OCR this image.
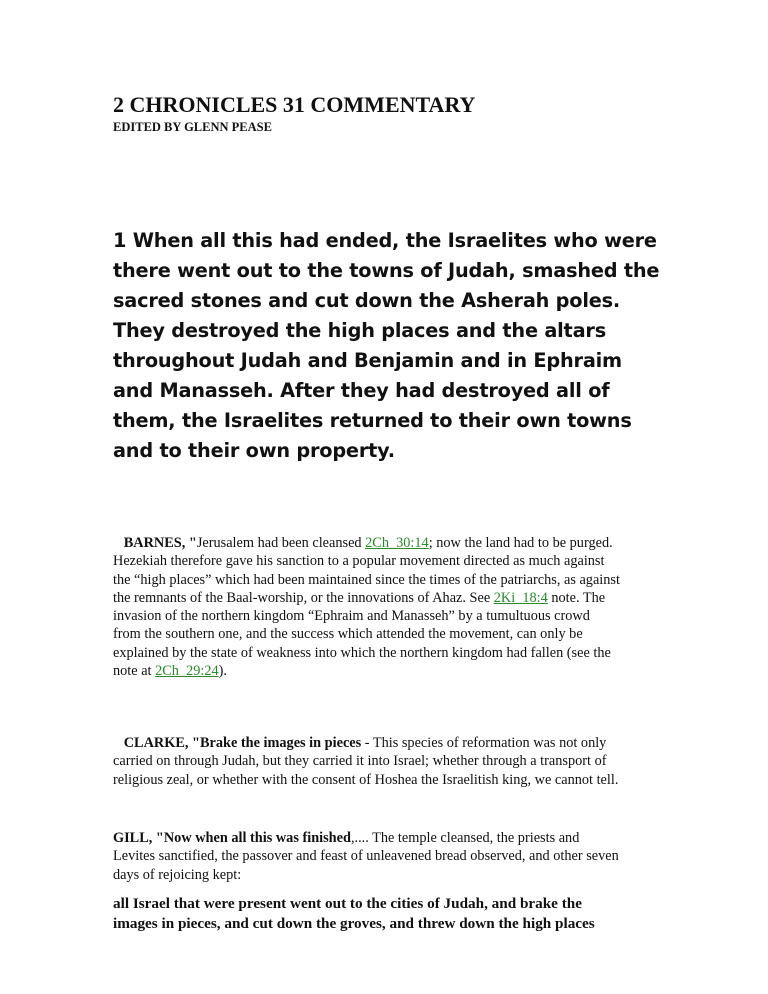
2 CHRONICLES 31 COMMENTARY
EDITED BY GLENN PEASE
1 When all this had ended, the Israelites who were
there went out to the towns of Judah, smashed the
sacred stones and cut down the Asherah poles.
They destroyed the high places and the altars
throughout Judah and Benjamin and in Ephraim
and Manasseh. After they had destroyed all of
them, the Israelites returned to their own towns
and to their own property.
BARNES, "Jerusalem had been cleansed 2Ch_30:14; now the land had to be purged.
Hezekiah therefore gave his sanction to a popular movement directed as much against
the “high places” which had been maintained since the times of the patriarchs, as against
the remnants of the Baal-worship, or the innovations of Ahaz. See 2Ki_18:4 note. The
invasion of the northern kingdom “Ephraim and Manasseh” by a tumultuous crowd
from the southern one, and the success which attended the movement, can only be
explained by the state of weakness into which the northern kingdom had fallen (see the
note at 2Ch_29:24).
CLARKE, "Brake the images in pieces - This species of reformation was not only
carried on through Judah, but they carried it into Israel; whether through a transport of
religious zeal, or whether with the consent of Hoshea the Israelitish king, we cannot tell.
GILL, "Now when all this was finished,.... The temple cleansed, the priests and
Levites sanctified, the passover and feast of unleavened bread observed, and other seven
days of rejoicing kept:
all Israel that were present went out to the cities of Judah, and brake the
images in pieces, and cut down the groves, and threw down the high places
